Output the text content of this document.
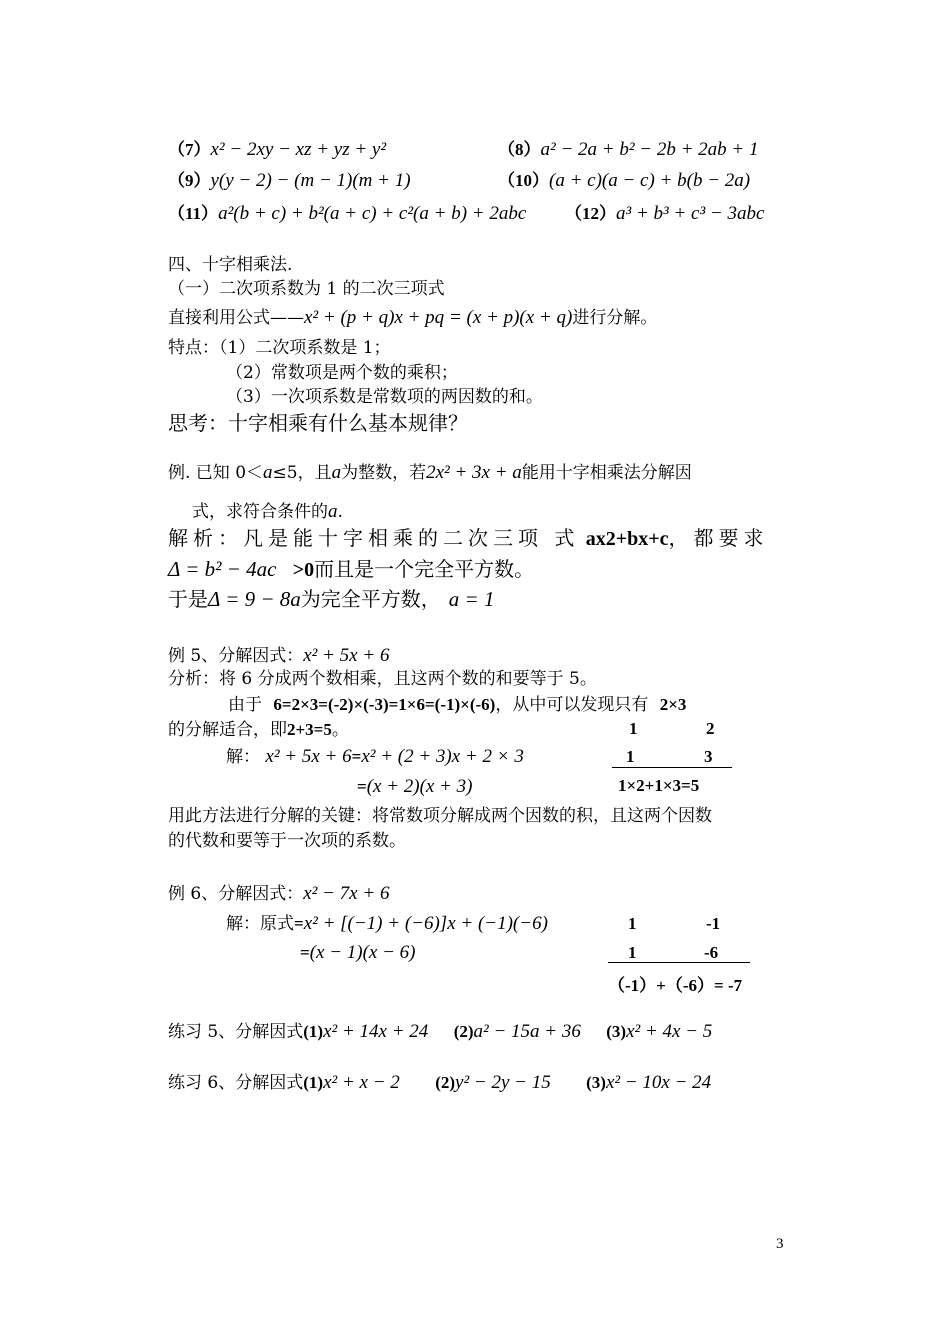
（7）x² − 2xy − xz + yz + y²	（8）a² − 2a + b² − 2b + 2ab + 1
（9）y(y − 2) − (m − 1)(m + 1)	（10）(a + c)(a − c) + b(b − 2a)
（11）a²(b + c) + b²(a + c) + c²(a + b) + 2abc （12）a³ + b³ + c³ − 3abc
四、十字相乘法.
（一）二次项系数为 1 的二次三项式
直接利用公式——x² + (p + q)x + pq = (x + p)(x + q)进行分解。
特点：（1）二次项系数是 1；
（2）常数项是两个数的乘积；
（3）一次项系数是常数项的两因数的和。
思考：十字相乘有什么基本规律？
例. 已知 0＜a≤5，且a为整数，若2x² + 3x + a能用十字相乘法分解因
式，求符合条件的a.
解析：凡是能十字相乘的二次三项 式 ax2+bx+c，都要求
Δ = b² − 4ac >0而且是一个完全平方数。
于是Δ = 9 − 8a为完全平方数， a = 1
例 5、分解因式：x² + 5x + 6
分析：将 6 分成两个数相乘，且这两个数的和要等于 5。
由于 6=2×3=(-2)×(-3)=1×6=(-1)×(-6)，从中可以发现只有 2×3
的分解适合，即2+3=5。
解： x² + 5x + 6=x² + (2 + 3)x + 2 × 3
=(x + 2)(x + 3)
1	2
1	3
1×2+1×3=5
用此方法进行分解的关键：将常数项分解成两个因数的积，且这两个因数
的代数和要等于一次项的系数。
例 6、分解因式：x² − 7x + 6
解：原式=x² + [(−1) + (−6)]x + (−1)(−6)
=(x − 1)(x − 6)
1	-1
1	-6
（-1）+（-6）= -7
练习 5、分解因式(1)x² + 14x + 24 (2)a² − 15a + 36 (3)x² + 4x − 5
练习 6、分解因式(1)x² + x − 2 (2)y² − 2y − 15 (3)x² − 10x − 24
3
